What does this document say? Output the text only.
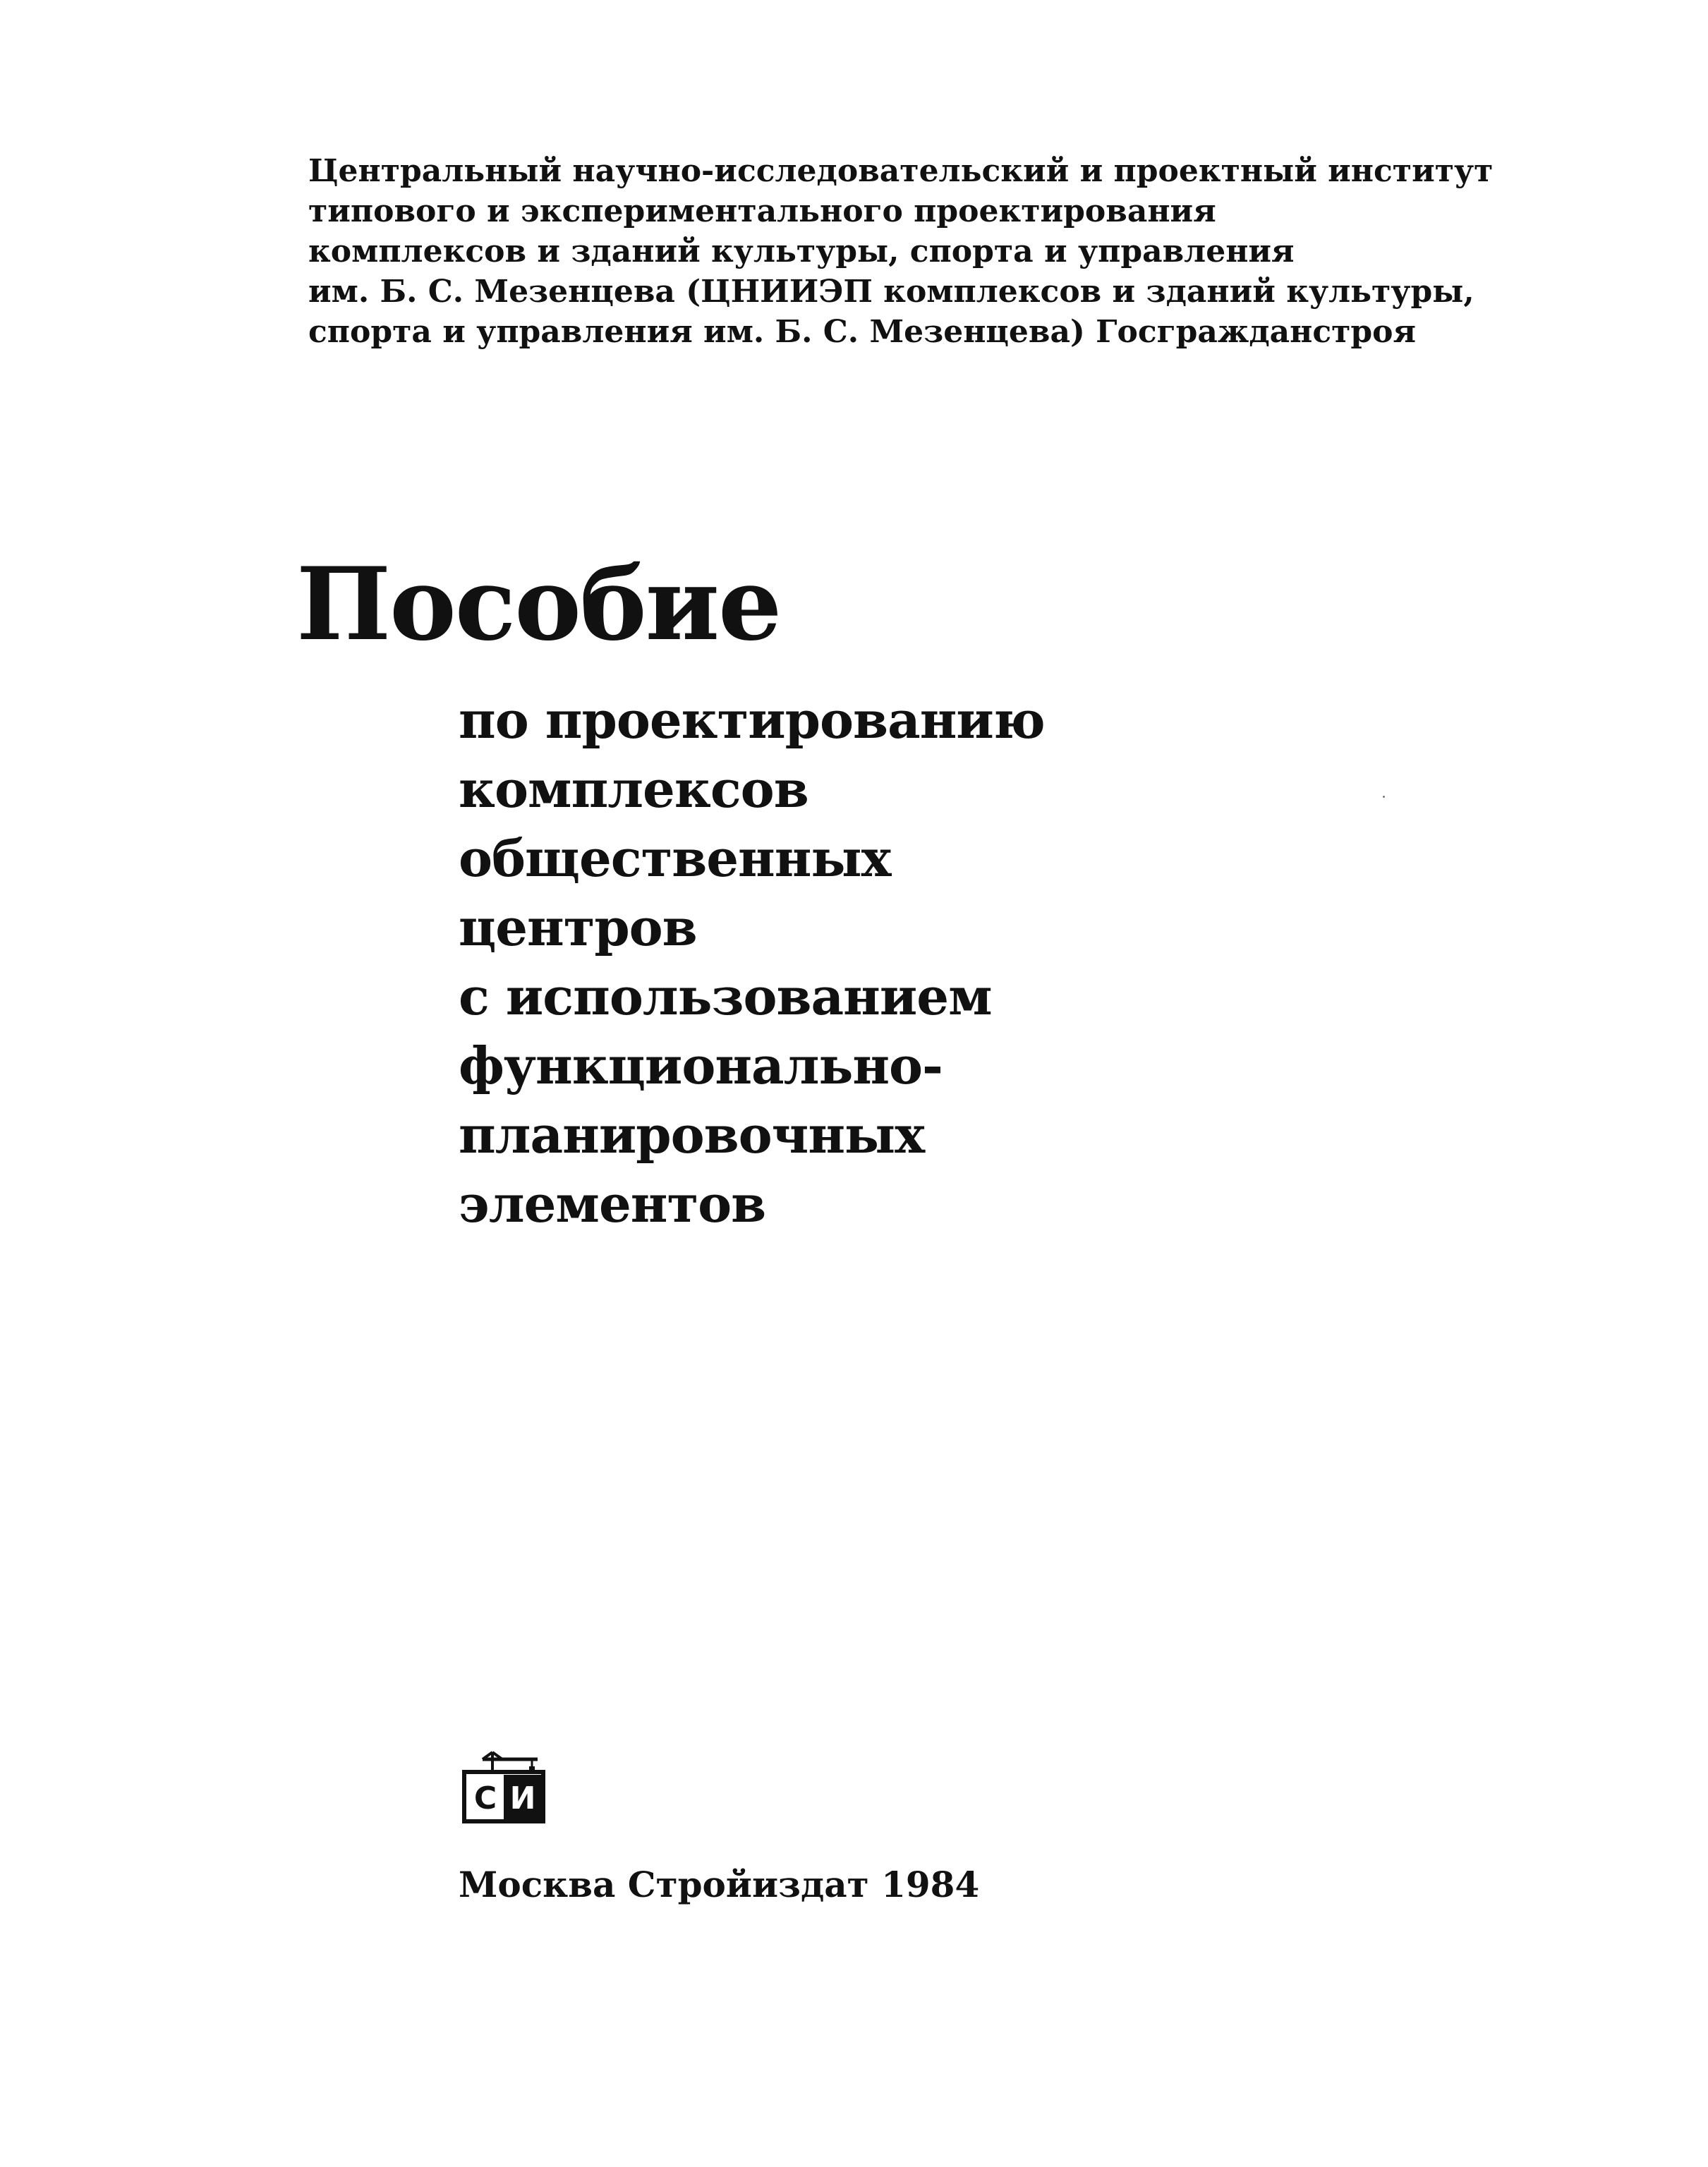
Центральный научно-исследовательский и проектный институт
типового и экспериментального проектирования
комплексов и зданий культуры, спорта и управления
им. Б. С. Мезенцева (ЦНИИЭП комплексов и зданий культуры,
спорта и управления им. Б. С. Мезенцева) Госгражданстроя
Пособие
по проектированию
комплексов
общественных
центров
с использованием
функционально-
планировочных
элементов
С И
Москва Стройиздат 1984
